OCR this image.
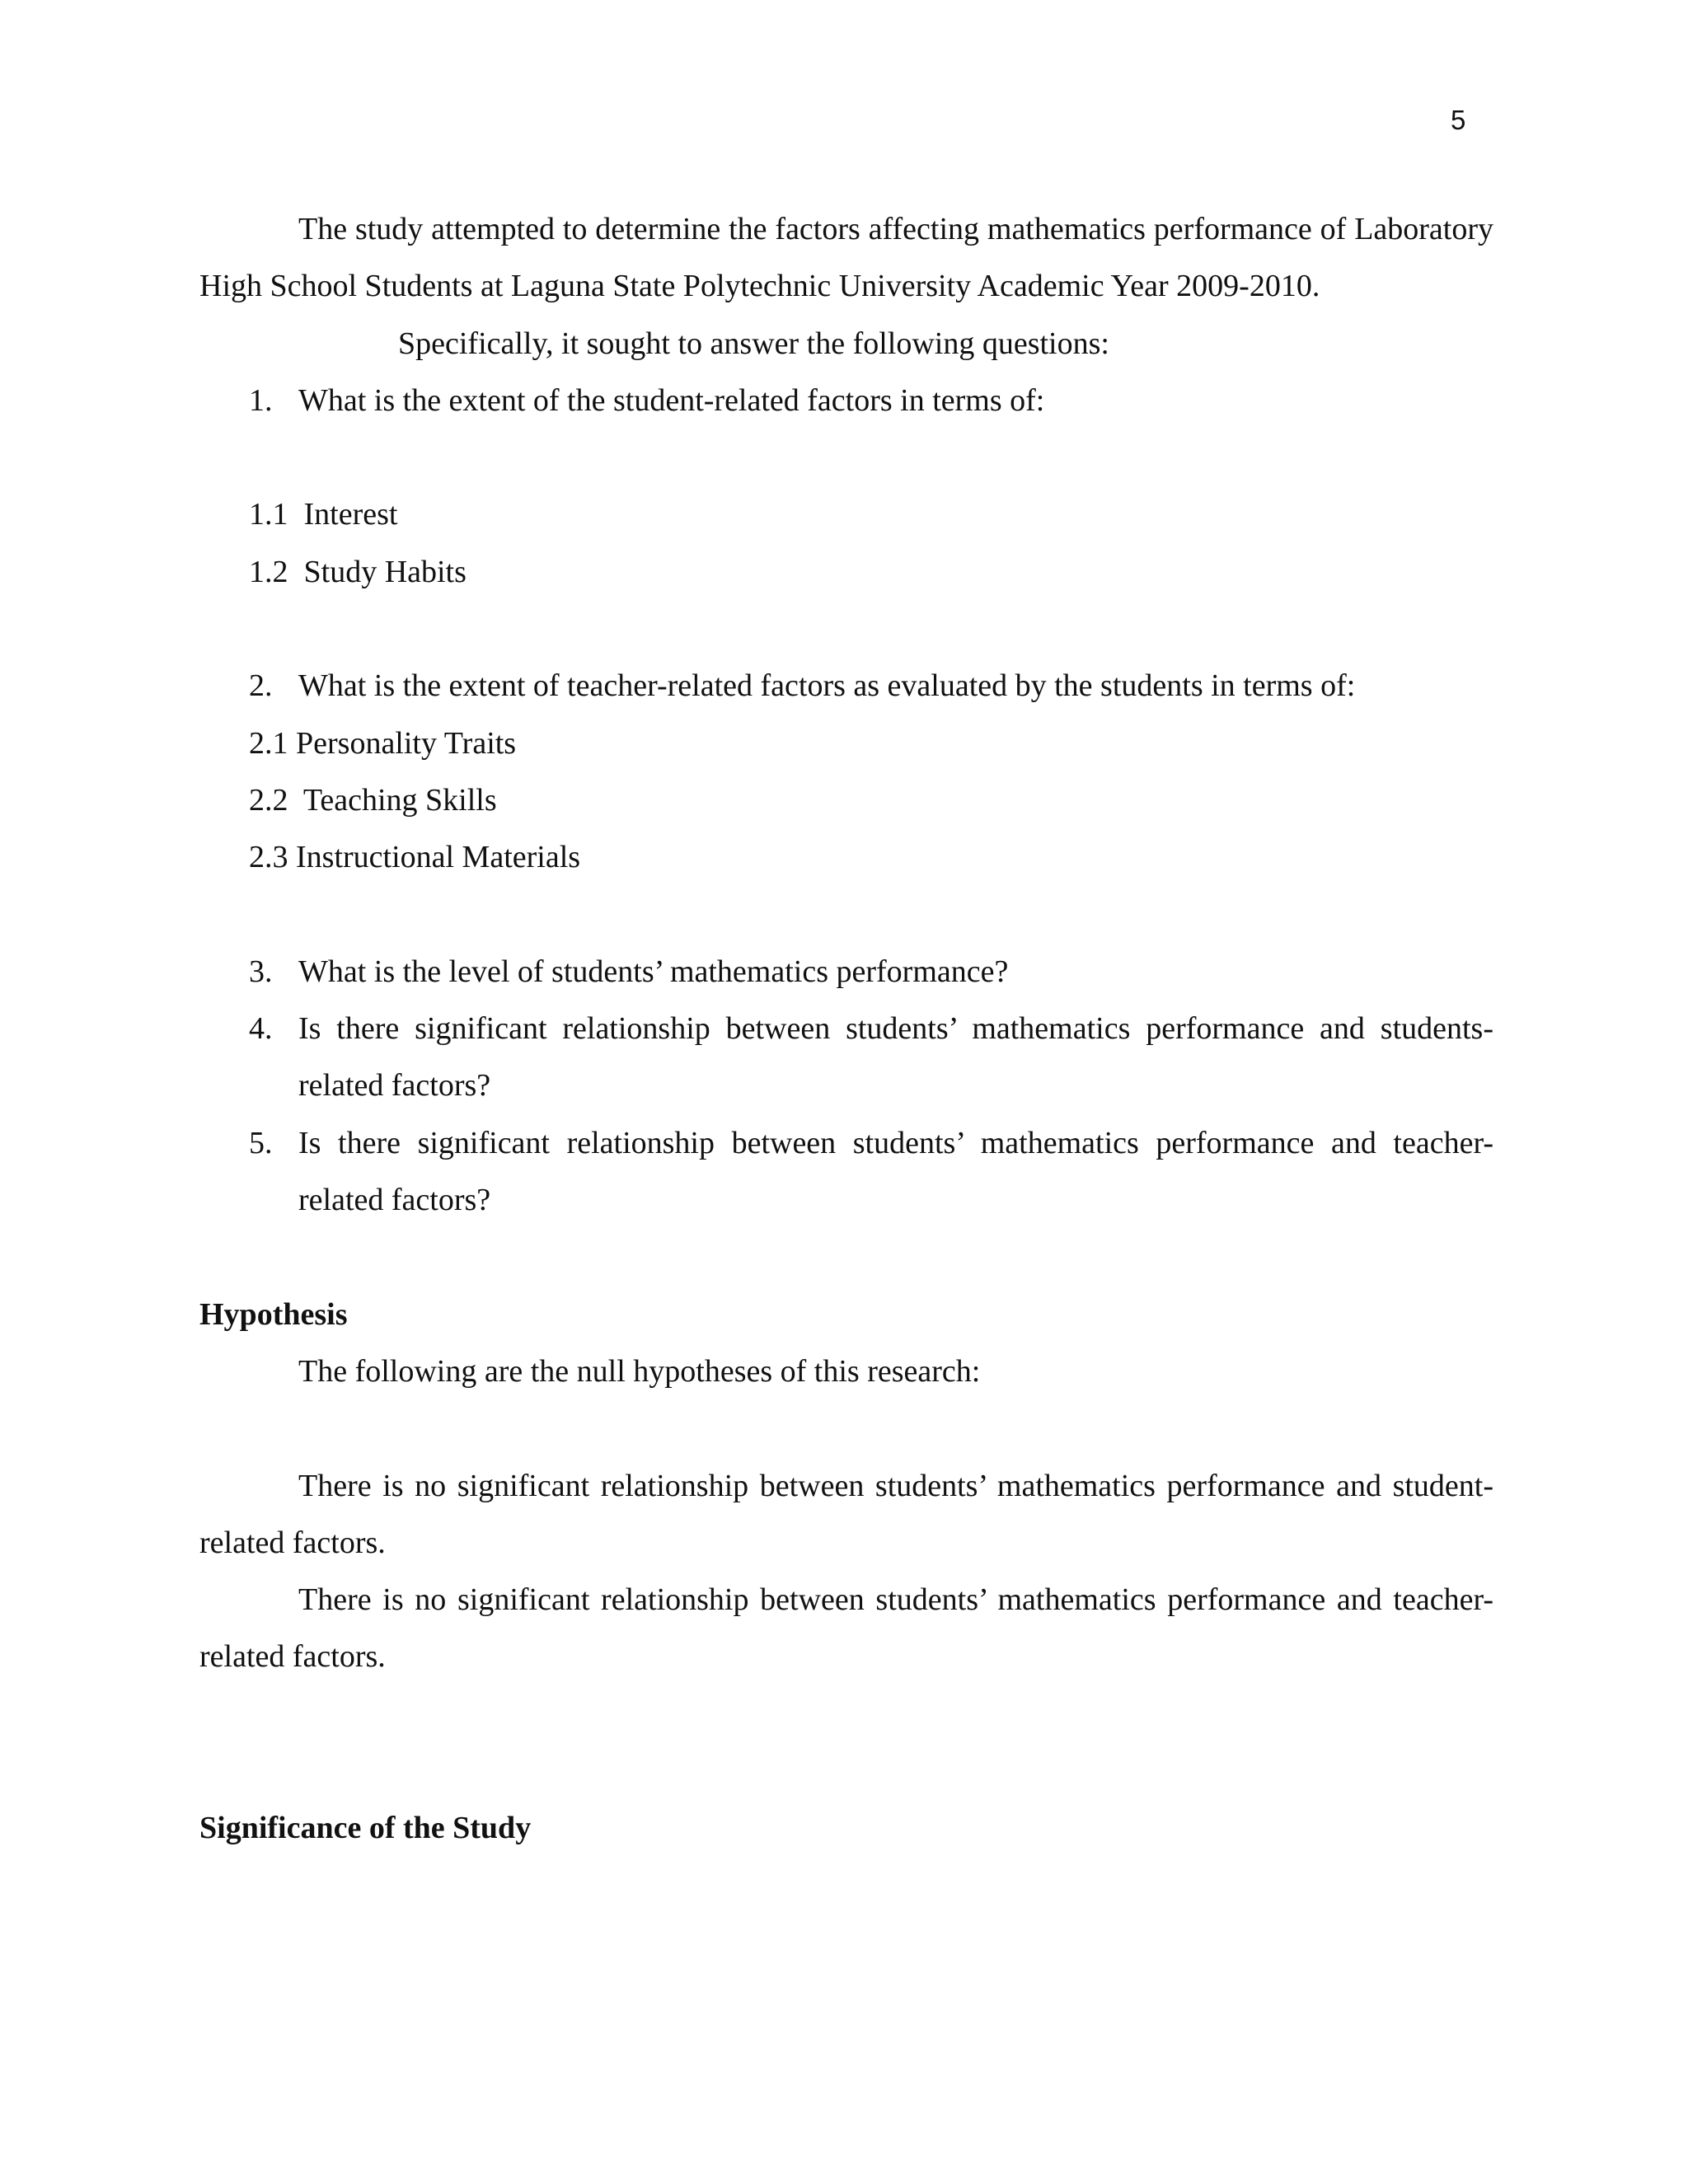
5

The study attempted to determine the factors affecting mathematics performance of Laboratory High School Students at Laguna State Polytechnic University Academic Year 2009-2010.

Specifically, it sought to answer the following questions:

1. What is the extent of the student-related factors in terms of:
1.1  Interest
1.2  Study Habits
2. What is the extent of teacher-related factors as evaluated by the students in terms of:
2.1 Personality Traits
2.2  Teaching Skills
2.3 Instructional Materials
3. What is the level of students’ mathematics performance?
4. Is there significant relationship between students’ mathematics performance and students-related factors?
5. Is there significant relationship between students’ mathematics performance and teacher-related factors?

Hypothesis

The following are the null hypotheses of this research:

There is no significant relationship between students’ mathematics performance and student-related factors.

There is no significant relationship between students’ mathematics performance and teacher-related factors.

Significance of the Study
